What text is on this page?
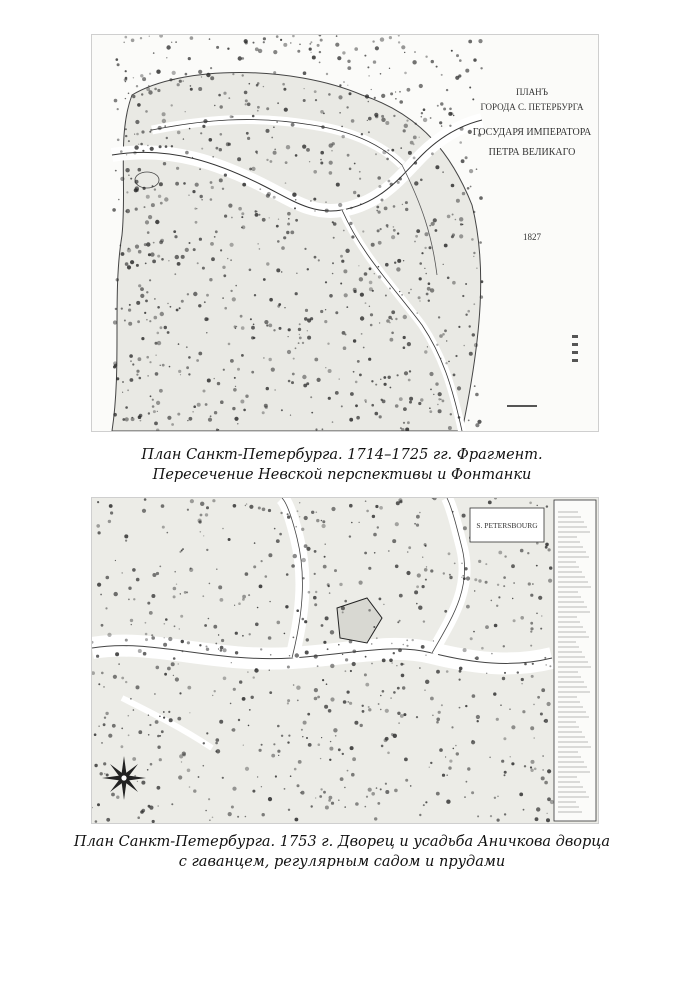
ПЛАНЪ
ГОРОДА С. ПЕТЕРБУРГА
ГОСУДАРЯ ИМПЕРАТОРА
ПЕТРА ВЕЛИКАГО
1827
План Санкт-Петербурга. 1714–1725 гг. Фрагмент.
Пересечение Невской перспективы и Фонтанки
S. PETERSBOURG
План Санкт-Петербурга. 1753 г. Дворец и усадьба Аничкова дворца
с гаванцем, регулярным садом и прудами
